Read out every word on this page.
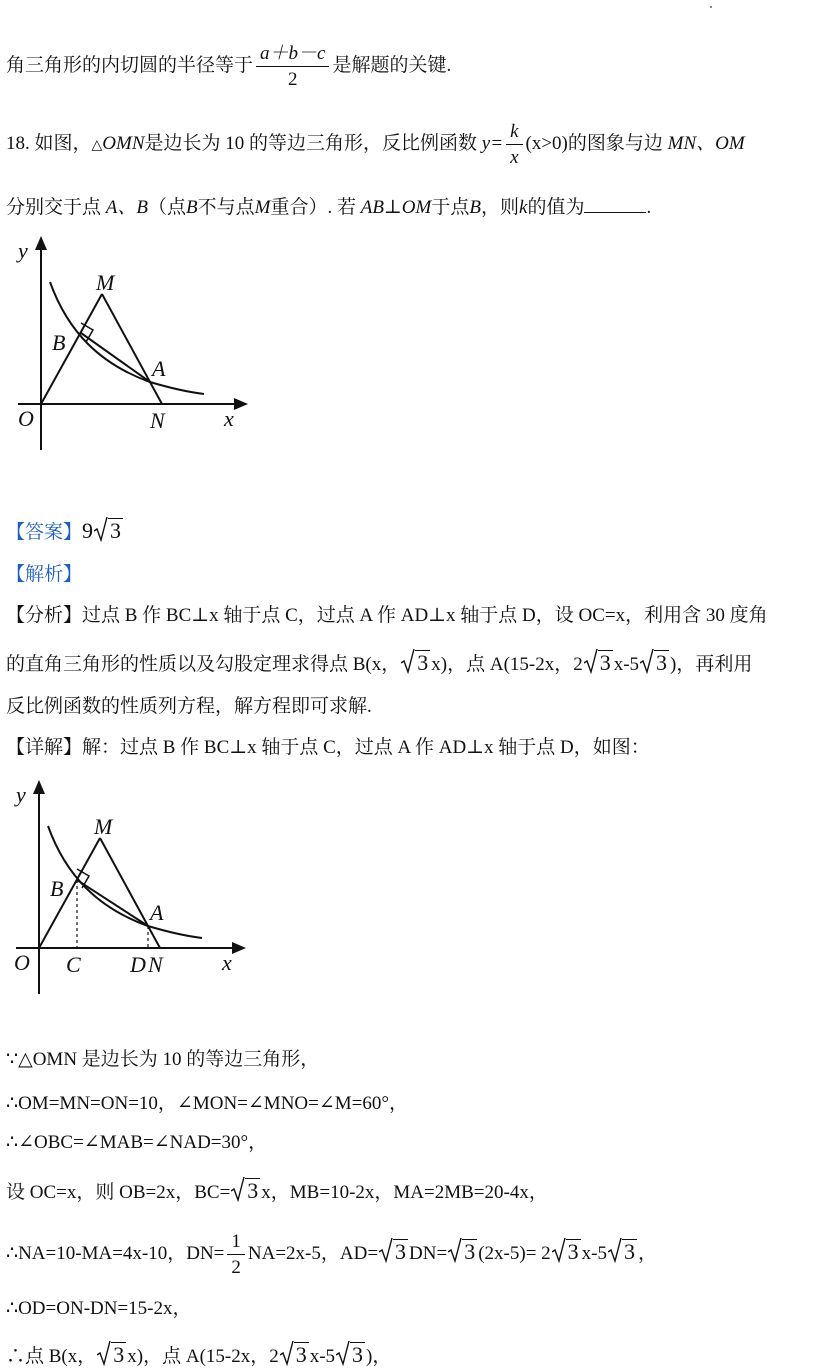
角三角形的内切圆的半径等于 $\frac{a+b-c}{2}$ 是解题的关键.
18. 如图，△OMN是边长为 10 的等边三角形，反比例函数 $y= \frac{k}{x} (x>0)$的图象与边 MN、OM
分别交于点 A、B（点B不与点M重合）. 若 AB⊥OM于点B，则k的值为	.
y
x
O
M
B
A
N
【答案】9 3
【解析】
【分析】过点 B 作 BC⊥x 轴于点 C，过点 A 作 AD⊥x 轴于点 D，设 OC=x，利用含 30 度角
的直角三角形的性质以及勾股定理求得点 B(x， 3 x)，点 A(15-2x，2 3 x-5 3 )，再利用
反比例函数的性质列方程，解方程即可求解.
【详解】解：过点 B 作 BC⊥x 轴于点 C，过点 A 作 AD⊥x 轴于点 D，如图：
y
x
O C D N
M
B
A
∵△OMN 是边长为 10 的等边三角形，
∴OM=MN=ON=10，∠MON=∠MNO=∠M=60°，
∴∠OBC=∠MAB=∠NAD=30°，
设 OC=x，则 OB=2x，BC= 3 x，MB=10-2x，MA=2MB=20-4x，
∴NA=10-MA=4x-10，$DN= \frac{1}{2} NA=2x-5$，AD= 3 DN= 3 (2x-5)= 2 3 x-5 3 ，
∴OD=ON-DN=15-2x，
∴点 B(x， 3 x)，点 A(15-2x，2 3 x-5 3 )，
